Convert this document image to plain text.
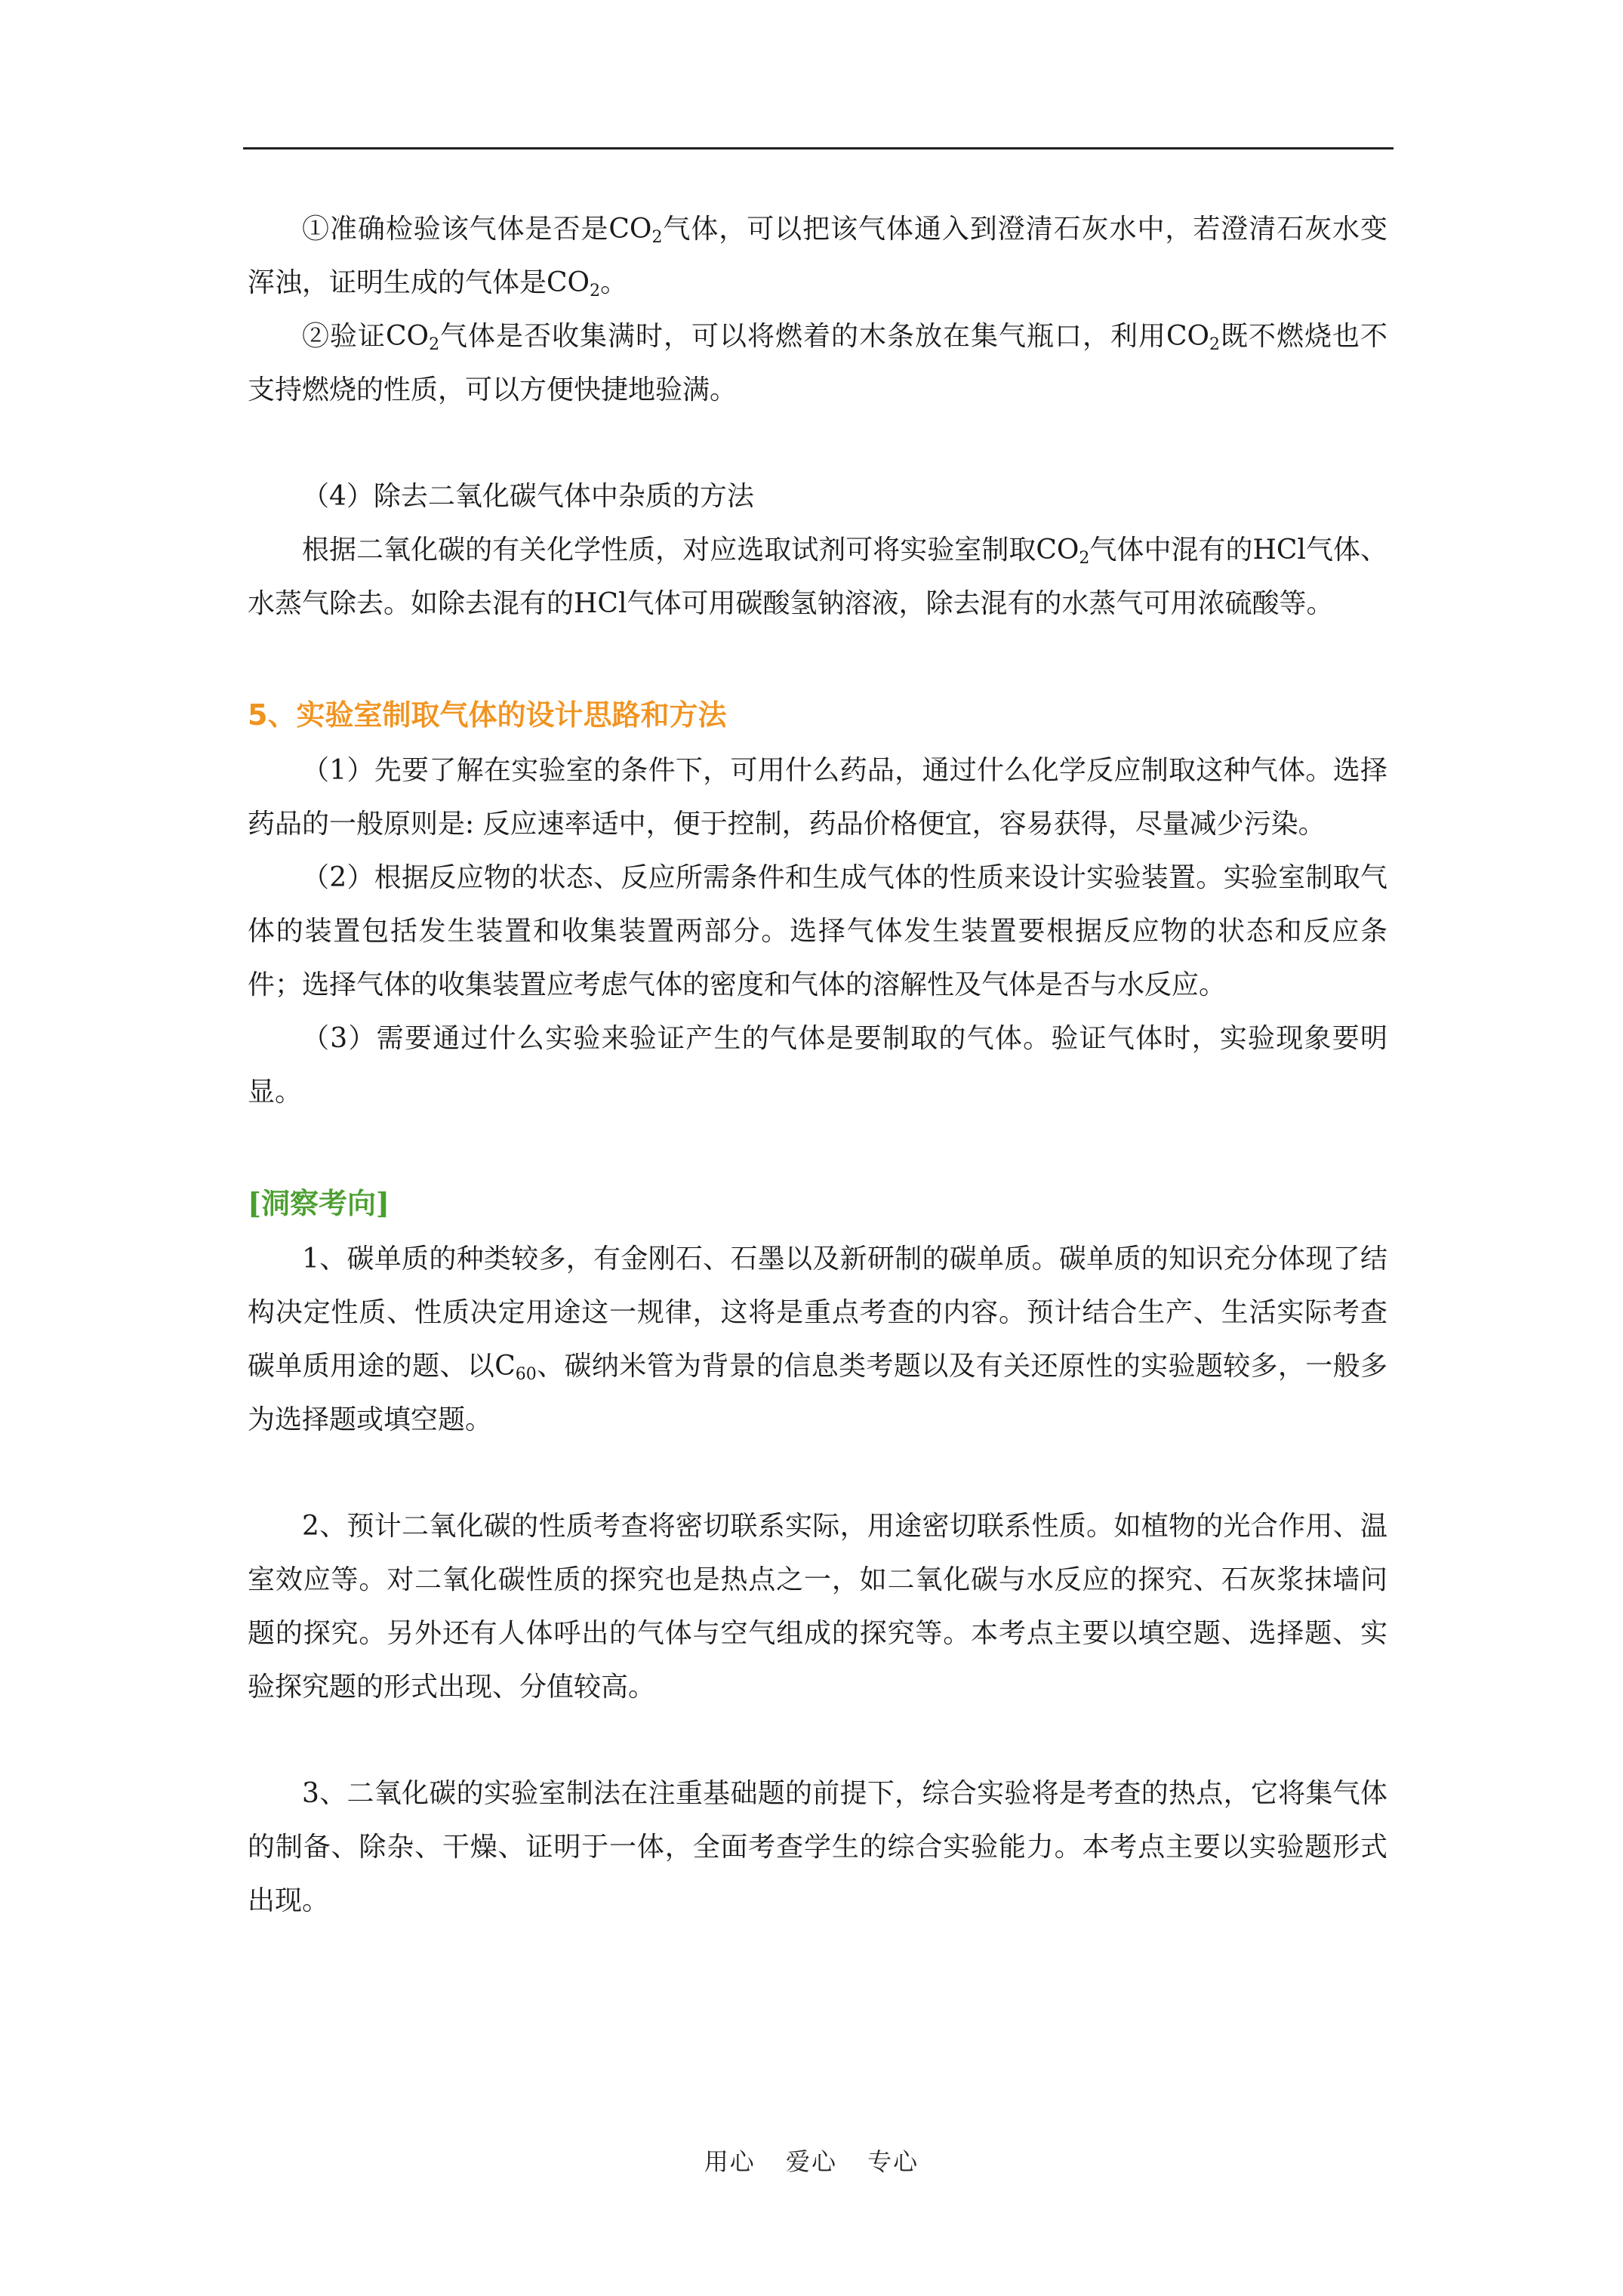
①准确检验该气体是否是$CO_2$气体，可以把该气体通入到澄清石灰水中，若澄清石灰水变浑浊，证明生成的气体是$CO_2$。

②验证$CO_2$气体是否收集满时，可以将燃着的木条放在集气瓶口，利用$CO_2$既不燃烧也不支持燃烧的性质，可以方便快捷地验满。

（4）除去二氧化碳气体中杂质的方法

根据二氧化碳的有关化学性质，对应选取试剂可将实验室制取$CO_2$气体中混有的HCl气体、水蒸气除去。如除去混有的HCl气体可用碳酸氢钠溶液，除去混有的水蒸气可用浓硫酸等。

5、实验室制取气体的设计思路和方法

（1）先要了解在实验室的条件下，可用什么药品，通过什么化学反应制取这种气体。选择药品的一般原则是: 反应速率适中，便于控制，药品价格便宜，容易获得，尽量减少污染。

（2）根据反应物的状态、反应所需条件和生成气体的性质来设计实验装置。实验室制取气体的装置包括发生装置和收集装置两部分。选择气体发生装置要根据反应物的状态和反应条件；选择气体的收集装置应考虑气体的密度和气体的溶解性及气体是否与水反应。

（3）需要通过什么实验来验证产生的气体是要制取的气体。验证气体时，实验现象要明显。

[洞察考向]

1、碳单质的种类较多，有金刚石、石墨以及新研制的碳单质。碳单质的知识充分体现了结构决定性质、性质决定用途这一规律，这将是重点考查的内容。预计结合生产、生活实际考查碳单质用途的题、以$C_{60}$、碳纳米管为背景的信息类考题以及有关还原性的实验题较多，一般多为选择题或填空题。

2、预计二氧化碳的性质考查将密切联系实际，用途密切联系性质。如植物的光合作用、温室效应等。对二氧化碳性质的探究也是热点之一，如二氧化碳与水反应的探究、石灰浆抹墙问题的探究。另外还有人体呼出的气体与空气组成的探究等。本考点主要以填空题、选择题、实验探究题的形式出现、分值较高。

3、二氧化碳的实验室制法在注重基础题的前提下，综合实验将是考查的热点，它将集气体的制备、除杂、干燥、证明于一体，全面考查学生的综合实验能力。本考点主要以实验题形式出现。

用心 爱心 专心
